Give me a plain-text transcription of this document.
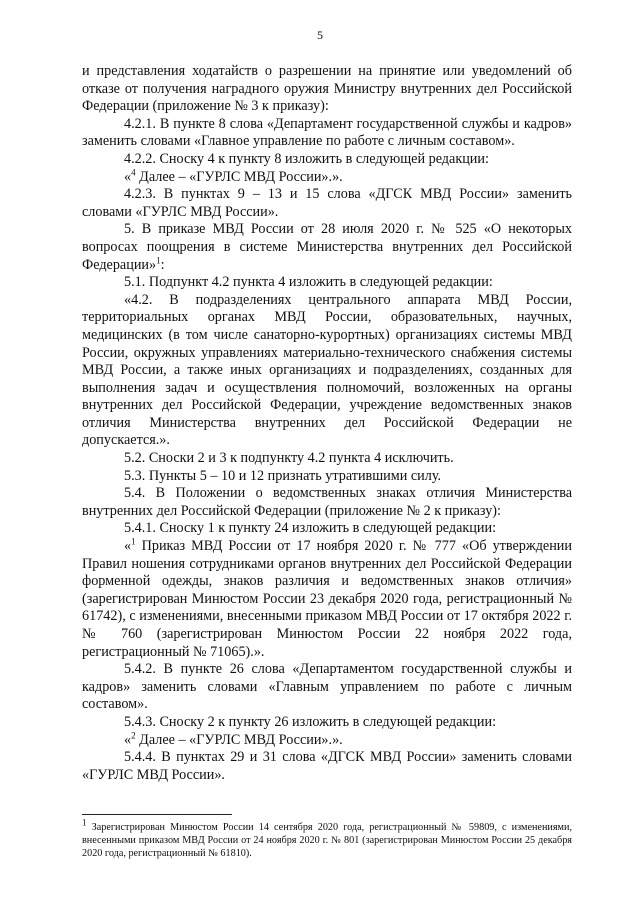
5

и представления ходатайств о разрешении на принятие или уведомлений об отказе от получения наградного оружия Министру внутренних дел Российской Федерации (приложение № 3 к приказу):

4.2.1. В пункте 8 слова «Департамент государственной службы и кадров» заменить словами «Главное управление по работе с личным составом».

4.2.2. Сноску 4 к пункту 8 изложить в следующей редакции:

«$^4$ Далее – «ГУРЛС МВД России».».

4.2.3. В пунктах 9 – 13 и 15 слова «ДГСК МВД России» заменить словами «ГУРЛС МВД России».

5. В приказе МВД России от 28 июля 2020 г. № 525 «О некоторых вопросах поощрения в системе Министерства внутренних дел Российской Федерации»$^1$:

5.1. Подпункт 4.2 пункта 4 изложить в следующей редакции:

«4.2. В подразделениях центрального аппарата МВД России, территориальных органах МВД России, образовательных, научных, медицинских (в том числе санаторно-курортных) организациях системы МВД России, окружных управлениях материально-технического снабжения системы МВД России, а также иных организациях и подразделениях, созданных для выполнения задач и осуществления полномочий, возложенных на органы внутренних дел Российской Федерации, учреждение ведомственных знаков отличия Министерства внутренних дел Российской Федерации не допускается.».

5.2. Сноски 2 и 3 к подпункту 4.2 пункта 4 исключить.

5.3. Пункты 5 – 10 и 12 признать утратившими силу.

5.4. В Положении о ведомственных знаках отличия Министерства внутренних дел Российской Федерации (приложение № 2 к приказу):

5.4.1. Сноску 1 к пункту 24 изложить в следующей редакции:

«$^1$ Приказ МВД России от 17 ноября 2020 г. № 777 «Об утверждении Правил ношения сотрудниками органов внутренних дел Российской Федерации форменной одежды, знаков различия и ведомственных знаков отличия» (зарегистрирован Минюстом России 23 декабря 2020 года, регистрационный № 61742), с изменениями, внесенными приказом МВД России от 17 октября 2022 г. № 760 (зарегистрирован Минюстом России 22 ноября 2022 года, регистрационный № 71065).».

5.4.2. В пункте 26 слова «Департаментом государственной службы и кадров» заменить словами «Главным управлением по работе с личным составом».

5.4.3. Сноску 2 к пункту 26 изложить в следующей редакции:

«$^2$ Далее – «ГУРЛС МВД России».».

5.4.4. В пунктах 29 и 31 слова «ДГСК МВД России» заменить словами «ГУРЛС МВД России».

$^1$ Зарегистрирован Минюстом России 14 сентября 2020 года, регистрационный № 59809, с изменениями, внесенными приказом МВД России от 24 ноября 2020 г. № 801 (зарегистрирован Минюстом России 25 декабря 2020 года, регистрационный № 61810).
